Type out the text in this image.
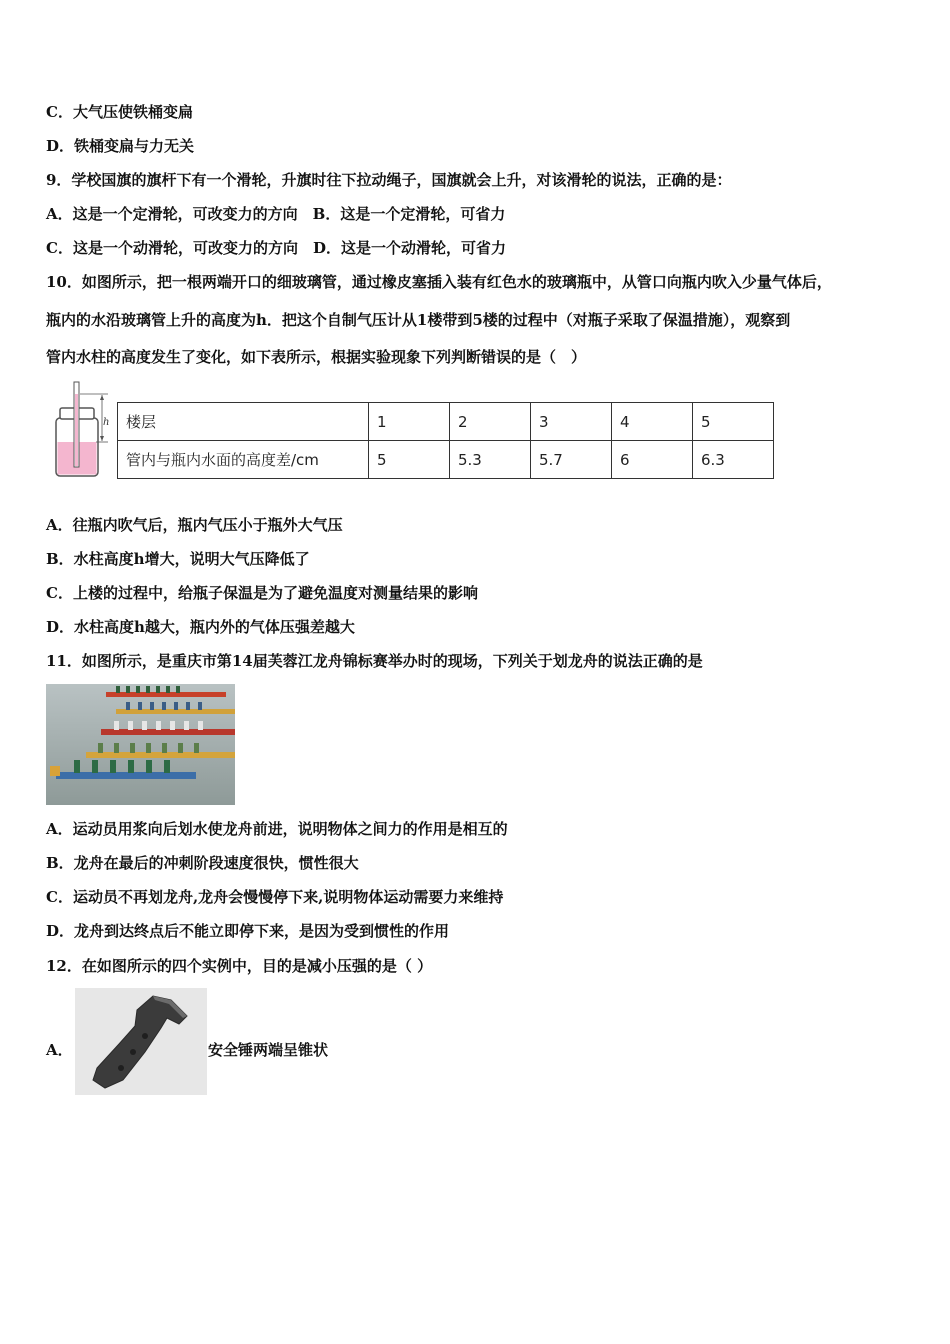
C．大气压使铁桶变扁
D．铁桶变扁与力无关
9．学校国旗的旗杆下有一个滑轮，升旗时往下拉动绳子，国旗就会上升，对该滑轮的说法，正确的是：
A．这是一个定滑轮，可改变力的方向　B．这是一个定滑轮，可省力
C．这是一个动滑轮，可改变力的方向　D．这是一个动滑轮，可省力
10．如图所示，把一根两端开口的细玻璃管，通过橡皮塞插入装有红色水的玻璃瓶中，从管口向瓶内吹入少量气体后，
瓶内的水沿玻璃管上升的高度为h．把这个自制气压计从1楼带到5楼的过程中（对瓶子采取了保温措施），观察到
管内水柱的高度发生了变化，如下表所示，根据实验现象下列判断错误的是（　）
h 楼层	1	2	3	4	5
管内与瓶内水面的高度差/cm	5	5.3	5.7	6	6.3
A．往瓶内吹气后，瓶内气压小于瓶外大气压
B．水柱高度h增大，说明大气压降低了
C．上楼的过程中，给瓶子保温是为了避免温度对测量结果的影响
D．水柱高度h越大，瓶内外的气体压强差越大
11．如图所示，是重庆市第14届芙蓉江龙舟锦标赛举办时的现场，下列关于划龙舟的说法正确的是
A．运动员用浆向后划水使龙舟前进，说明物体之间力的作用是相互的
B．龙舟在最后的冲刺阶段速度很快，惯性很大
C．运动员不再划龙舟,龙舟会慢慢停下来,说明物体运动需要力来维持
D．龙舟到达终点后不能立即停下来，是因为受到惯性的作用
12．在如图所示的四个实例中，目的是减小压强的是（ ）
A．	安全锤两端呈锥状
